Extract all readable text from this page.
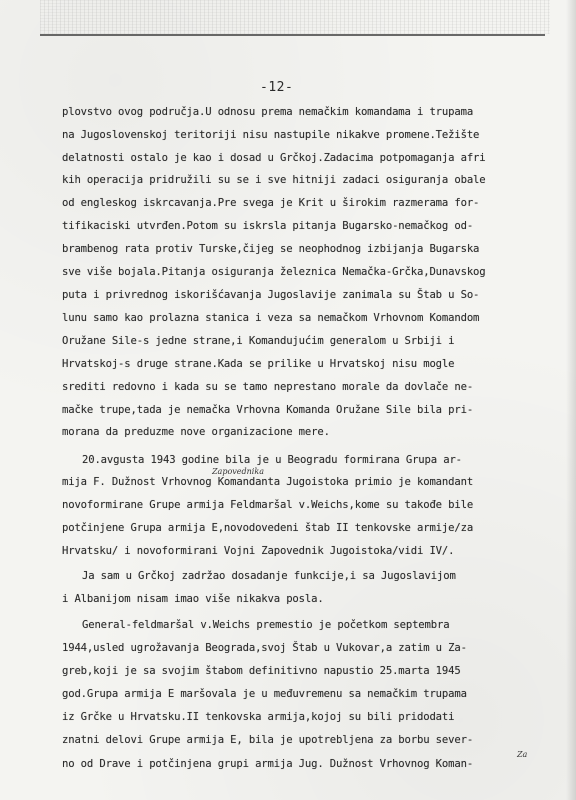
-12-
plovstvo ovog područja.U odnosu prema nemačkim komandama i trupama
na Jugoslovenskoj teritoriji nisu nastupile nikakve promene.Težište
delatnosti ostalo je kao i dosad u Grčkoj.Zadacima potpomaganja afri
kih operacija pridružili su se i sve hitniji zadaci osiguranja obale
od engleskog iskrcavanja.Pre svega je Krit u širokim razmerama for-
tifikaciski utvrđen.Potom su iskrsla pitanja Bugarsko-nemačkog od-
brambenog rata protiv Turske,čijeg se neophodnog izbijanja Bugarska
sve više bojala.Pitanja osiguranja železnica Nemačka-Grčka,Dunavskog
puta i privrednog iskorišćavanja Jugoslavije zanimala su Štab u So-
lunu samo kao prolazna stanica i veza sa nemačkom Vrhovnom Komandom
Oružane Sile-s jedne strane,i Komandujućim generalom u Srbiji i
Hrvatskoj-s druge strane.Kada se prilike u Hrvatskoj nisu mogle
srediti redovno i kada su se tamo neprestano morale da dovlače ne-
mačke trupe,tada je nemačka Vrhovna Komanda Oružane Sile bila pri-
morana da preduzme nove organizacione mere.
20.avgusta 1943 godine bila je u Beogradu formirana Grupa ar-
Zapovednika
mija F. Dužnost Vrhovnog Komandanta Jugoistoka primio je komandant
novoformirane Grupe armija Feldmaršal v.Weichs,kome su takođe bile
potčinjene Grupa armija E,novodovedeni štab II tenkovske armije/za
Hrvatsku/ i novoformirani Vojni Zapovednik Jugoistoka/vidi IV/.
Ja sam u Grčkoj zadržao dosadanje funkcije,i sa Jugoslavijom
i Albanijom nisam imao više nikakva posla.
General-feldmaršal v.Weichs premestio je početkom septembra
1944,usled ugrožavanja Beograda,svoj Štab u Vukovar,a zatim u Za-
greb,koji je sa svojim štabom definitivno napustio 25.marta 1945
god.Grupa armija E maršovala je u međuvremenu sa nemačkim trupama
iz Grčke u Hrvatsku.II tenkovska armija,kojoj su bili pridodati
znatni delovi Grupe armija E, bila je upotrebljena za borbu sever-
Za
no od Drave i potčinjena grupi armija Jug. Dužnost Vrhovnog Koman-
